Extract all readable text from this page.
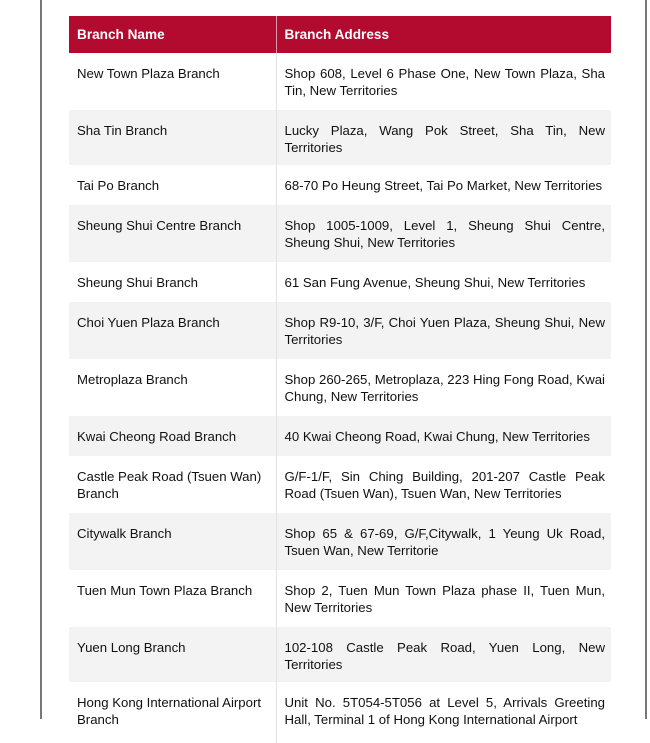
Branch Name	Branch Address
New Town Plaza Branch	Shop 608, Level 6 Phase One, New Town Plaza, Sha Tin, New Territories
Sha Tin Branch	Lucky Plaza, Wang Pok Street, Sha Tin, New Territories
Tai Po Branch	68-70 Po Heung Street, Tai Po Market, New Territories
Sheung Shui Centre Branch	Shop 1005-1009, Level 1, Sheung Shui Centre, Sheung Shui, New Territories
Sheung Shui Branch	61 San Fung Avenue, Sheung Shui, New Territories
Choi Yuen Plaza Branch	Shop R9-10, 3/F, Choi Yuen Plaza, Sheung Shui, New Territories
Metroplaza Branch	Shop 260-265, Metroplaza, 223 Hing Fong Road, Kwai Chung, New Territories
Kwai Cheong Road Branch	40 Kwai Cheong Road, Kwai Chung, New Territories
Castle Peak Road (Tsuen Wan) Branch	G/F-1/F, Sin Ching Building, 201-207 Castle Peak Road (Tsuen Wan), Tsuen Wan, New Territories
Citywalk Branch	Shop 65 & 67-69, G/F,Citywalk, 1 Yeung Uk Road, Tsuen Wan, New Territorie
Tuen Mun Town Plaza Branch	Shop 2, Tuen Mun Town Plaza phase II, Tuen Mun, New Territories
Yuen Long Branch	102-108 Castle Peak Road, Yuen Long, New Territories
Hong Kong International Airport Branch	Unit No. 5T054-5T056 at Level 5, Arrivals Greeting Hall, Terminal 1 of Hong Kong International Airport
